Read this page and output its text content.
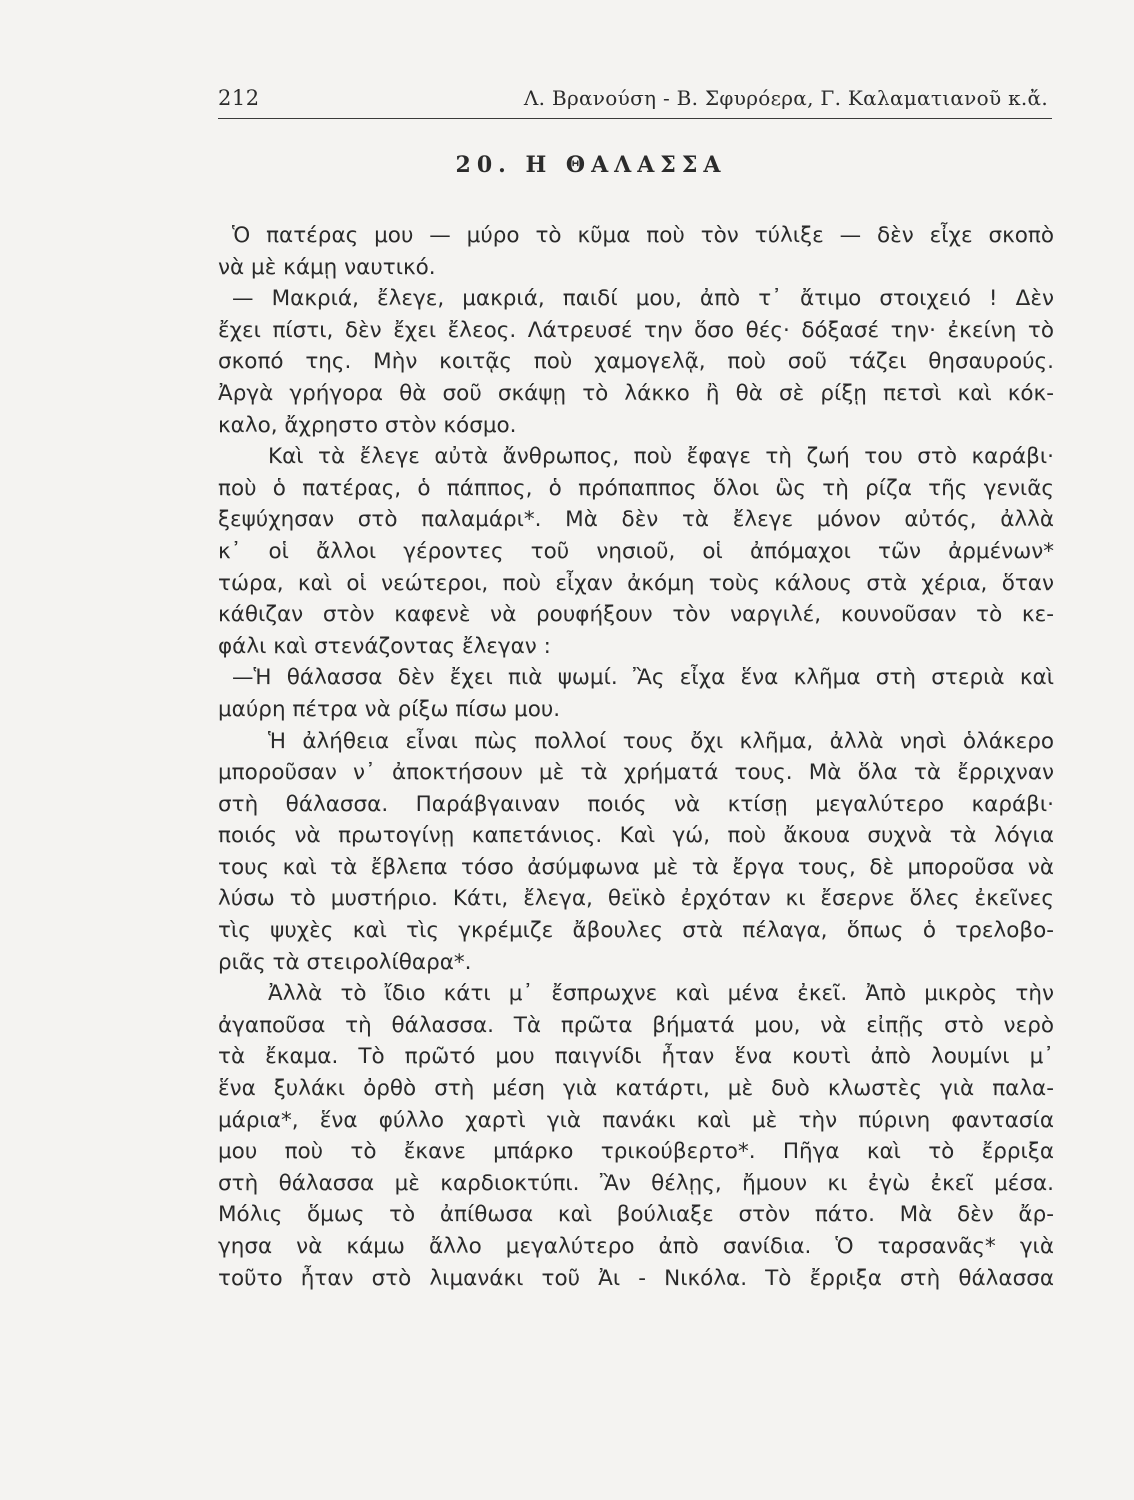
212	Λ. Βρανούση - Β. Σφυρόερα, Γ. Καλαματιανοῦ κ.ἄ.
20. Η ΘΑΛΑΣΣΑ
Ὁ πατέρας μου — μύρο τὸ κῦμα ποὺ τὸν τύλιξε — δὲν εἶχε σκοπὸ
νὰ μὲ κάμῃ ναυτικό.
— Μακριά, ἔλεγε, μακριά, παιδί μου, ἀπὸ τ᾿ ἄτιμο στοιχειό ! Δὲν
ἔχει πίστι, δὲν ἔχει ἔλεος. Λάτρευσέ την ὅσο θές· δόξασέ την· ἐκείνη τὸ
σκοπό της. Μὴν κοιτᾷς ποὺ χαμογελᾷ, ποὺ σοῦ τάζει θησαυρούς.
Ἀργὰ γρήγορα θὰ σοῦ σκάψῃ τὸ λάκκο ἢ θὰ σὲ ρίξῃ πετσὶ καὶ κόκ-
καλο, ἄχρηστο στὸν κόσμο.
Καὶ τὰ ἔλεγε αὐτὰ ἄνθρωπος, ποὺ ἔφαγε τὴ ζωή του στὸ καράβι·
ποὺ ὁ πατέρας, ὁ πάππος, ὁ πρόπαππος ὅλοι ὣς τὴ ρίζα τῆς γενιᾶς
ξεψύχησαν στὸ παλαμάρι*. Μὰ δὲν τὰ ἔλεγε μόνον αὐτός, ἀλλὰ
κ᾿ οἱ ἄλλοι γέροντες τοῦ νησιοῦ, οἱ ἀπόμαχοι τῶν ἀρμένων*
τώρα, καὶ οἱ νεώτεροι, ποὺ εἶχαν ἀκόμη τοὺς κάλους στὰ χέρια, ὅταν
κάθιζαν στὸν καφενὲ νὰ ρουφήξουν τὸν ναργιλέ, κουνοῦσαν τὸ κε-
φάλι καὶ στενάζοντας ἔλεγαν :
—Ἡ θάλασσα δὲν ἔχει πιὰ ψωμί. Ἂς εἶχα ἕνα κλῆμα στὴ στεριὰ καὶ
μαύρη πέτρα νὰ ρίξω πίσω μου.
Ἡ ἀλήθεια εἶναι πὼς πολλοί τους ὄχι κλῆμα, ἀλλὰ νησὶ ὁλάκερο
μποροῦσαν ν᾿ ἀποκτήσουν μὲ τὰ χρήματά τους. Μὰ ὅλα τὰ ἔρριχναν
στὴ θάλασσα. Παράβγαιναν ποιός νὰ κτίσῃ μεγαλύτερο καράβι·
ποιός νὰ πρωτογίνῃ καπετάνιος. Καὶ γώ, ποὺ ἄκουα συχνὰ τὰ λόγια
τους καὶ τὰ ἔβλεπα τόσο ἀσύμφωνα μὲ τὰ ἔργα τους, δὲ μποροῦσα νὰ
λύσω τὸ μυστήριο. Κάτι, ἔλεγα, θεϊκὸ ἐρχόταν κι ἔσερνε ὅλες ἐκεῖνες
τὶς ψυχὲς καὶ τὶς γκρέμιζε ἄβουλες στὰ πέλαγα, ὅπως ὁ τρελοβο-
ριᾶς τὰ στειρολίθαρα*.
Ἀλλὰ τὸ ἴδιο κάτι μ᾿ ἔσπρωχνε καὶ μένα ἐκεῖ. Ἀπὸ μικρὸς τὴν
ἀγαποῦσα τὴ θάλασσα. Τὰ πρῶτα βήματά μου, νὰ εἰπῇς στὸ νερὸ
τὰ ἔκαμα. Τὸ πρῶτό μου παιγνίδι ἦταν ἕνα κουτὶ ἀπὸ λουμίνι μ᾿
ἕνα ξυλάκι ὀρθὸ στὴ μέση γιὰ κατάρτι, μὲ δυὸ κλωστὲς γιὰ παλα-
μάρια*, ἕνα φύλλο χαρτὶ γιὰ πανάκι καὶ μὲ τὴν πύρινη φαντασία
μου ποὺ τὸ ἔκανε μπάρκο τρικούβερτο*. Πῆγα καὶ τὸ ἔρριξα
στὴ θάλασσα μὲ καρδιοκτύπι. Ἂν θέλῃς, ἤμουν κι ἐγὼ ἐκεῖ μέσα.
Μόλις ὅμως τὸ ἀπίθωσα καὶ βούλιαξε στὸν πάτο. Μὰ δὲν ἄρ-
γησα νὰ κάμω ἄλλο μεγαλύτερο ἀπὸ σανίδια. Ὁ ταρσανᾶς* γιὰ
τοῦτο ἦταν στὸ λιμανάκι τοῦ Ἀι - Νικόλα. Τὸ ἔρριξα στὴ θάλασσα
